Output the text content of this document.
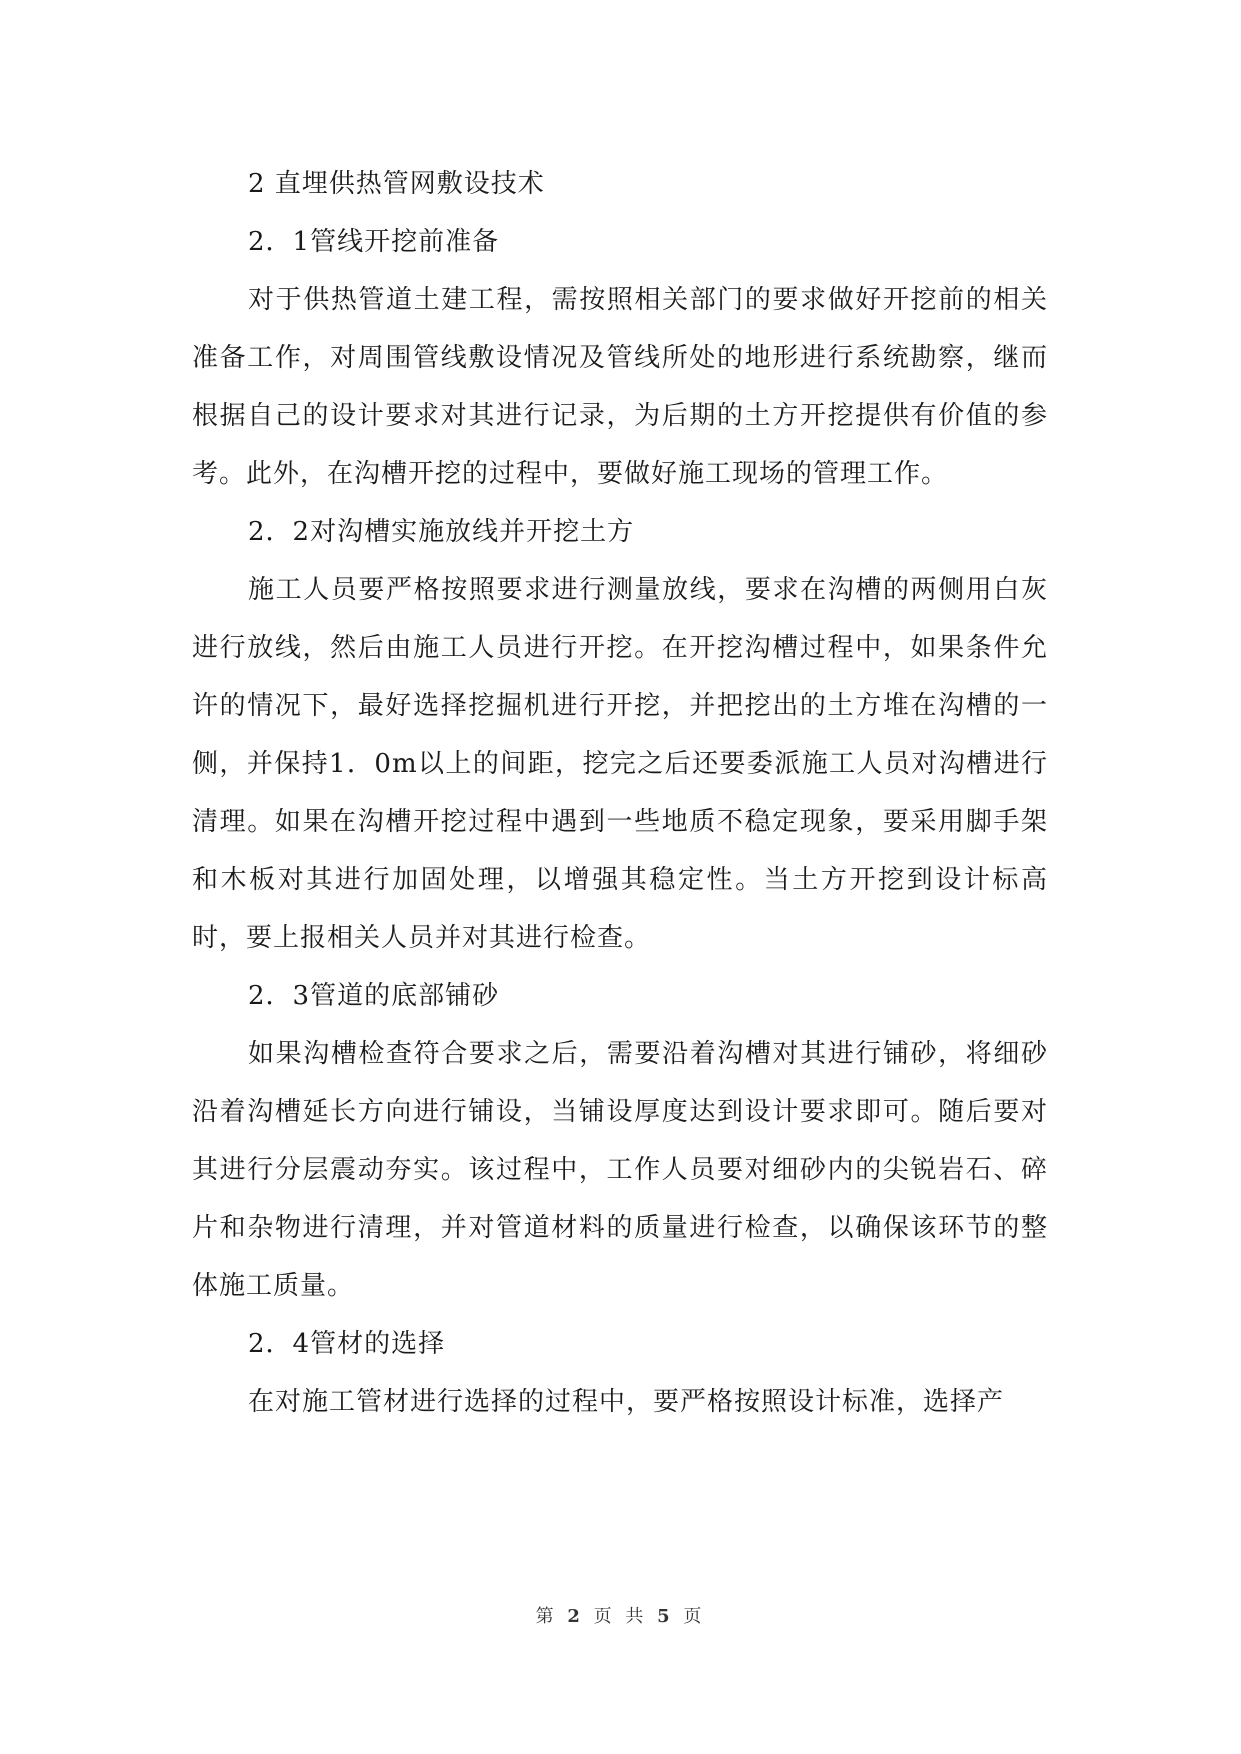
2 直埋供热管网敷设技术

2．1管线开挖前准备

对于供热管道土建工程，需按照相关部门的要求做好开挖前的相关准备工作，对周围管线敷设情况及管线所处的地形进行系统勘察，继而根据自己的设计要求对其进行记录，为后期的土方开挖提供有价值的参考。此外，在沟槽开挖的过程中，要做好施工现场的管理工作。

2．2对沟槽实施放线并开挖土方

施工人员要严格按照要求进行测量放线，要求在沟槽的两侧用白灰进行放线，然后由施工人员进行开挖。在开挖沟槽过程中，如果条件允许的情况下，最好选择挖掘机进行开挖，并把挖出的土方堆在沟槽的一侧，并保持1．0m以上的间距，挖完之后还要委派施工人员对沟槽进行清理。如果在沟槽开挖过程中遇到一些地质不稳定现象，要采用脚手架和木板对其进行加固处理，以增强其稳定性。当土方开挖到设计标高时，要上报相关人员并对其进行检查。

2．3管道的底部铺砂

如果沟槽检查符合要求之后，需要沿着沟槽对其进行铺砂，将细砂沿着沟槽延长方向进行铺设，当铺设厚度达到设计要求即可。随后要对其进行分层震动夯实。该过程中，工作人员要对细砂内的尖锐岩石、碎片和杂物进行清理，并对管道材料的质量进行检查，以确保该环节的整体施工质量。

2．4管材的选择

在对施工管材进行选择的过程中，要严格按照设计标准，选择产

第 2 页 共 5 页
